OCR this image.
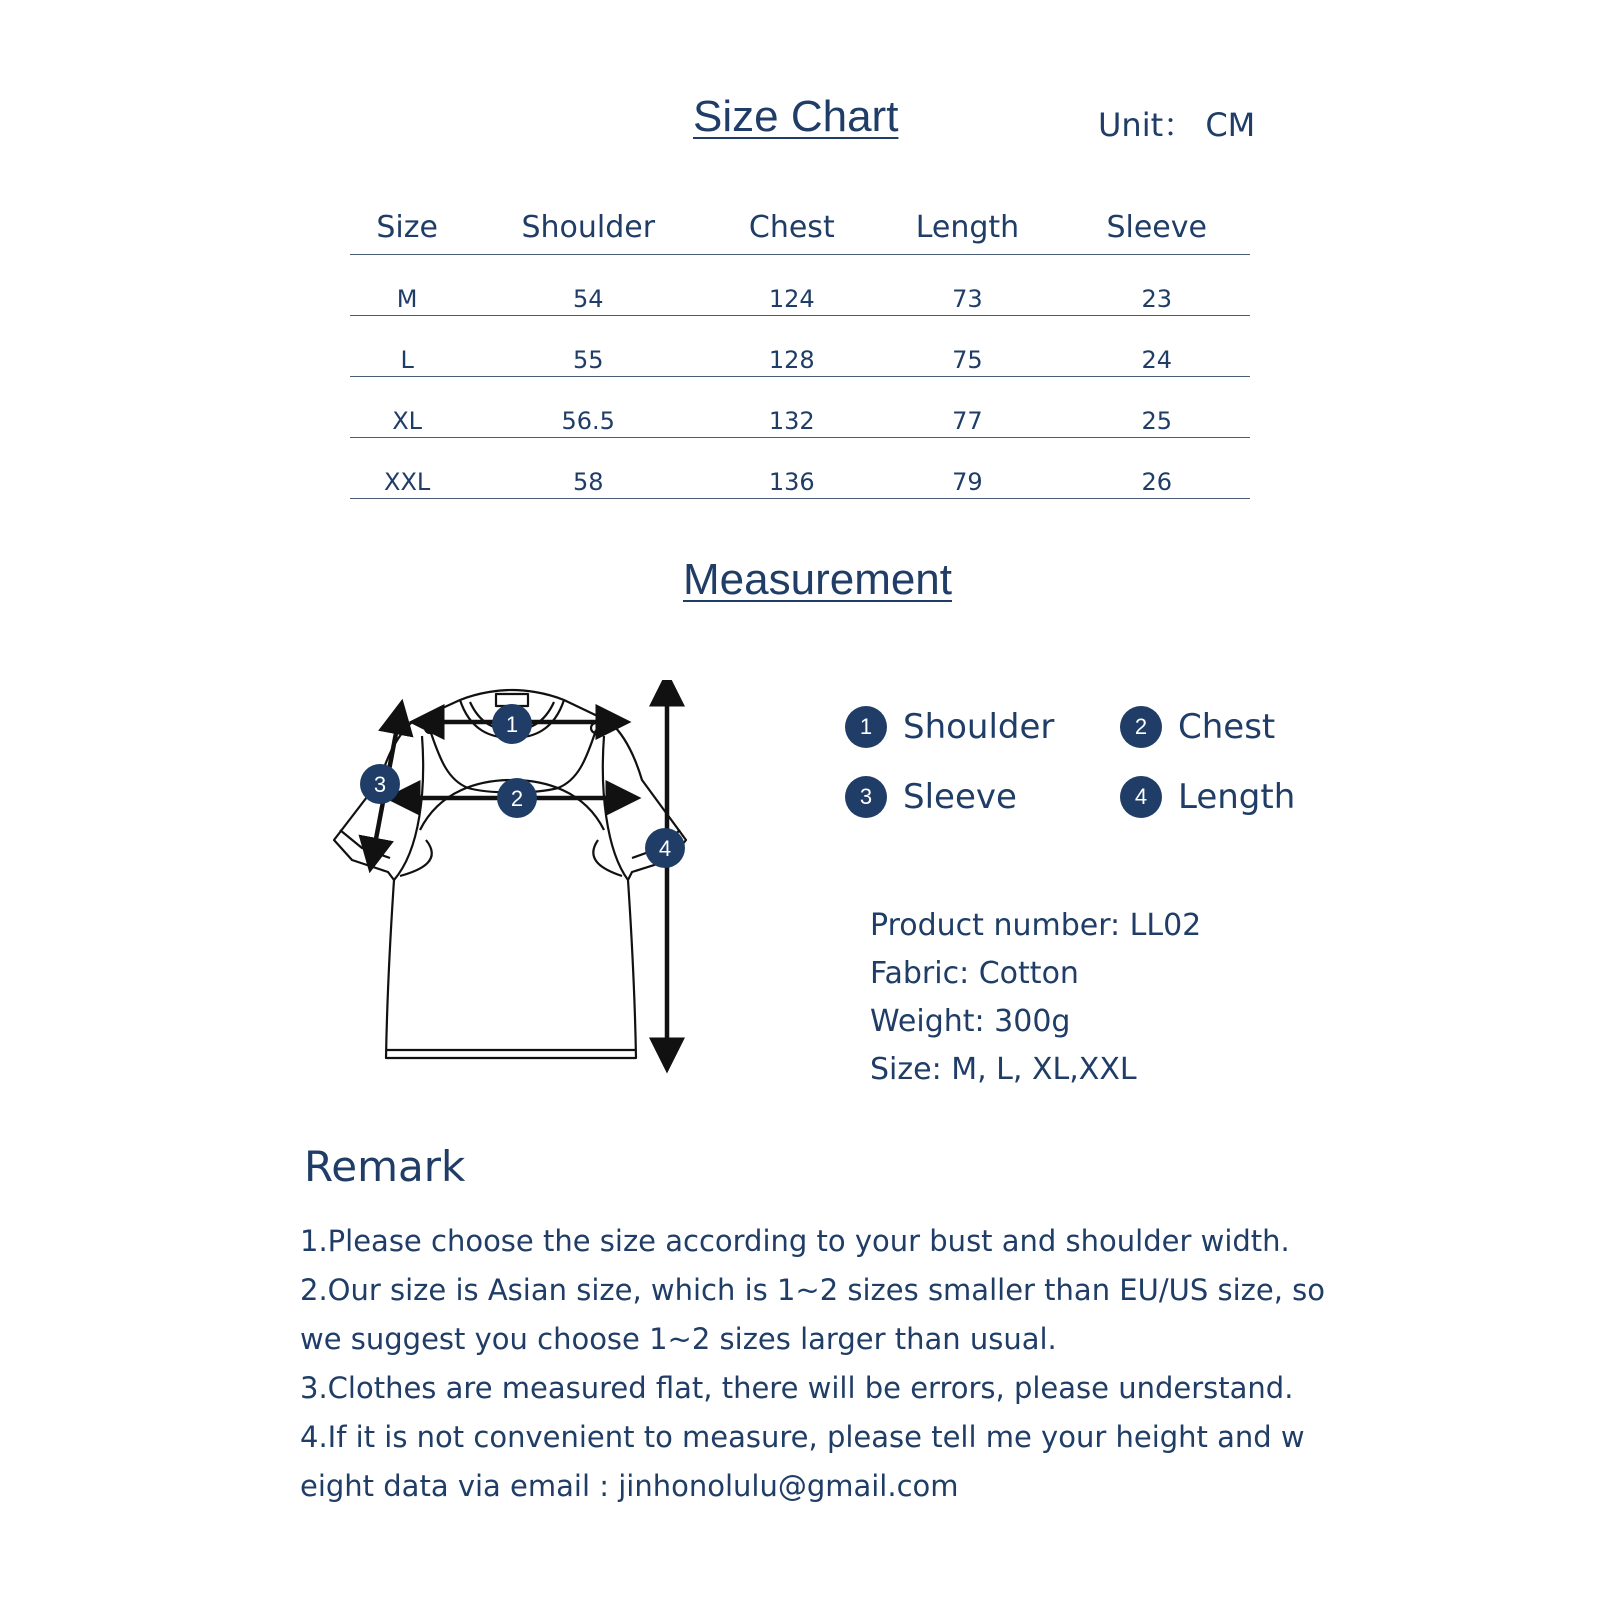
Size Chart	Unit： CM
Size	Shoulder	Chest	Length	Sleeve
M	54	124	73	23
L	55	128	75	24
XL	56.5	132	77	25
XXL	58	136	79	26
Measurement
1
2
3
4
1 Shoulder	2 Chest
3 Sleeve	4 Length
Product number: LL02
Fabric: Cotton
Weight: 300g
Size: M, L, XL,XXL
Remark

1.Please choose the size according to your bust and shoulder width.

2.Our size is Asian size, which is 1~2 sizes smaller than EU/US size, so

we suggest you choose 1~2 sizes larger than usual.

3.Clothes are measured flat, there will be errors, please understand.

4.If it is not convenient to measure, please tell me your height and w

eight data via email : jinhonolulu@gmail.com
